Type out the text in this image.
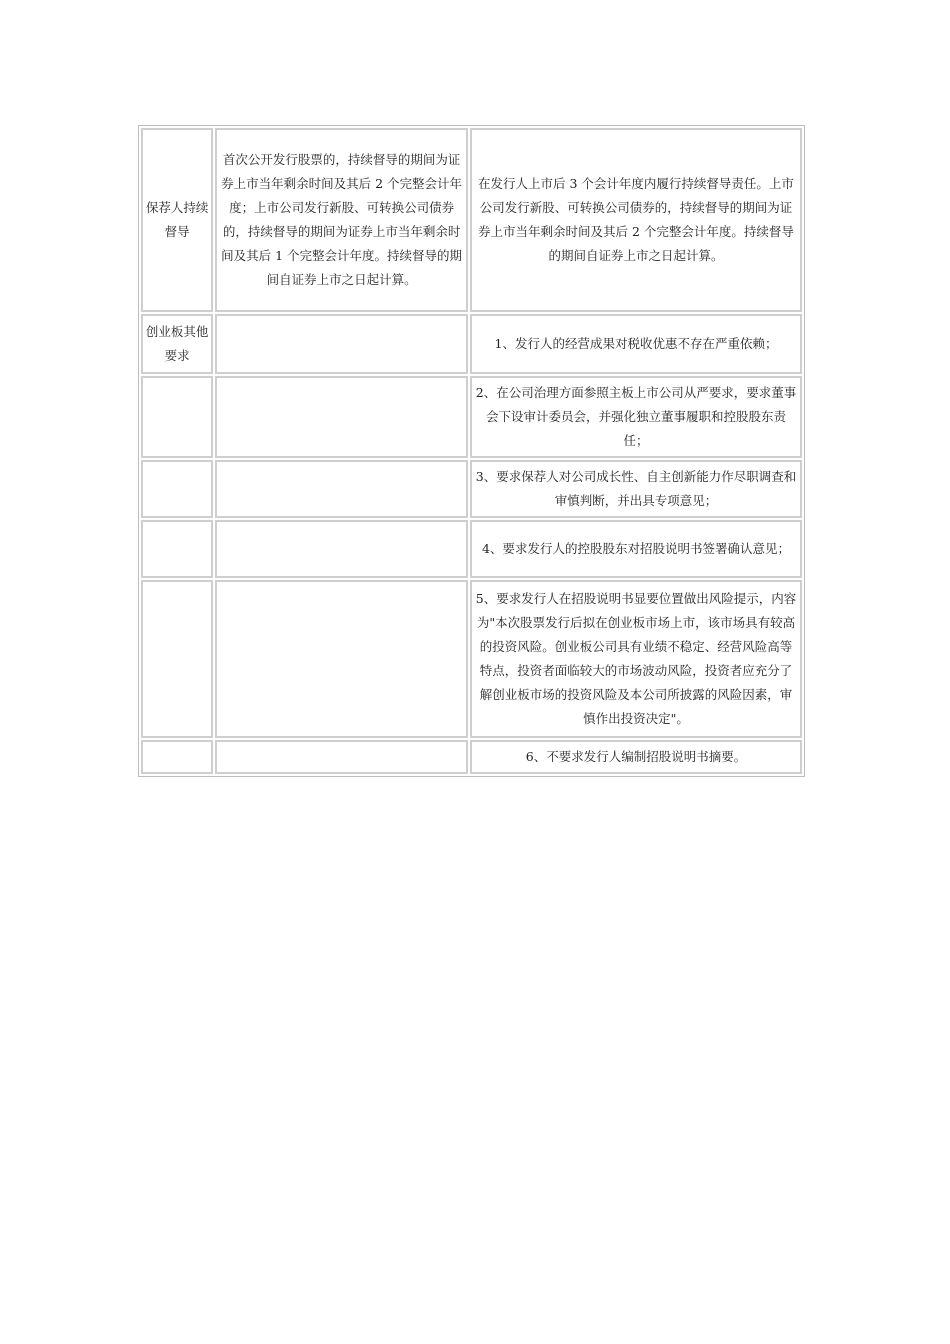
保荐人持续督导	首次公开发行股票的，持续督导的期间为证券上市当年剩余时间及其后 2 个完整会计年度；上市公司发行新股、可转换公司债券的，持续督导的期间为证券上市当年剩余时间及其后 1 个完整会计年度。持续督导的期间自证券上市之日起计算。	在发行人上市后 3 个会计年度内履行持续督导责任。上市公司发行新股、可转换公司债券的，持续督导的期间为证券上市当年剩余时间及其后 2 个完整会计年度。持续督导的期间自证券上市之日起计算。
创业板其他要求		1、发行人的经营成果对税收优惠不存在严重依赖；
		2、在公司治理方面参照主板上市公司从严要求，要求董事会下设审计委员会，并强化独立董事履职和控股股东责任；
		3、要求保荐人对公司成长性、自主创新能力作尽职调查和审慎判断，并出具专项意见；
		4、要求发行人的控股股东对招股说明书签署确认意见；
		5、要求发行人在招股说明书显要位置做出风险提示，内容为"本次股票发行后拟在创业板市场上市，该市场具有较高的投资风险。创业板公司具有业绩不稳定、经营风险高等特点，投资者面临较大的市场波动风险，投资者应充分了解创业板市场的投资风险及本公司所披露的风险因素，审慎作出投资决定"。
		6、不要求发行人编制招股说明书摘要。
